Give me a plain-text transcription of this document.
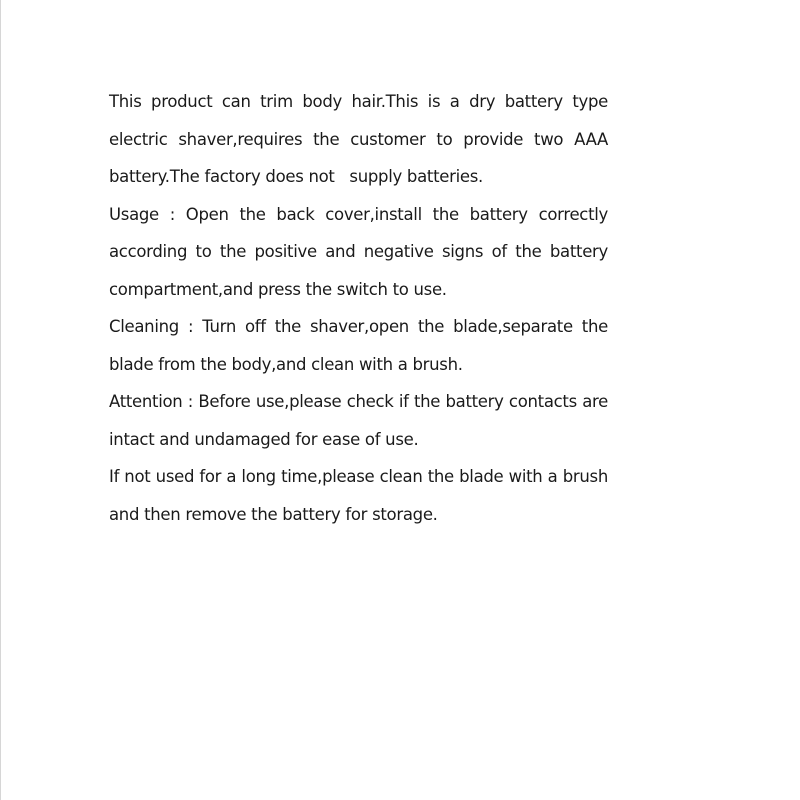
This product can trim body hair.This is a dry battery type electric shaver,requires the customer to provide two AAA battery.The factory does not   supply batteries.

Usage : Open the back cover,install the battery correctly according to the positive and negative signs of the battery compartment,and press the switch to use.

Cleaning : Turn off the shaver,open the blade,separate the blade from the body,and clean with a brush.

Attention : Before use,please check if the battery contacts are intact and undamaged for ease of use.

If not used for a long time,please clean the blade with a brush and then remove the battery for storage.
